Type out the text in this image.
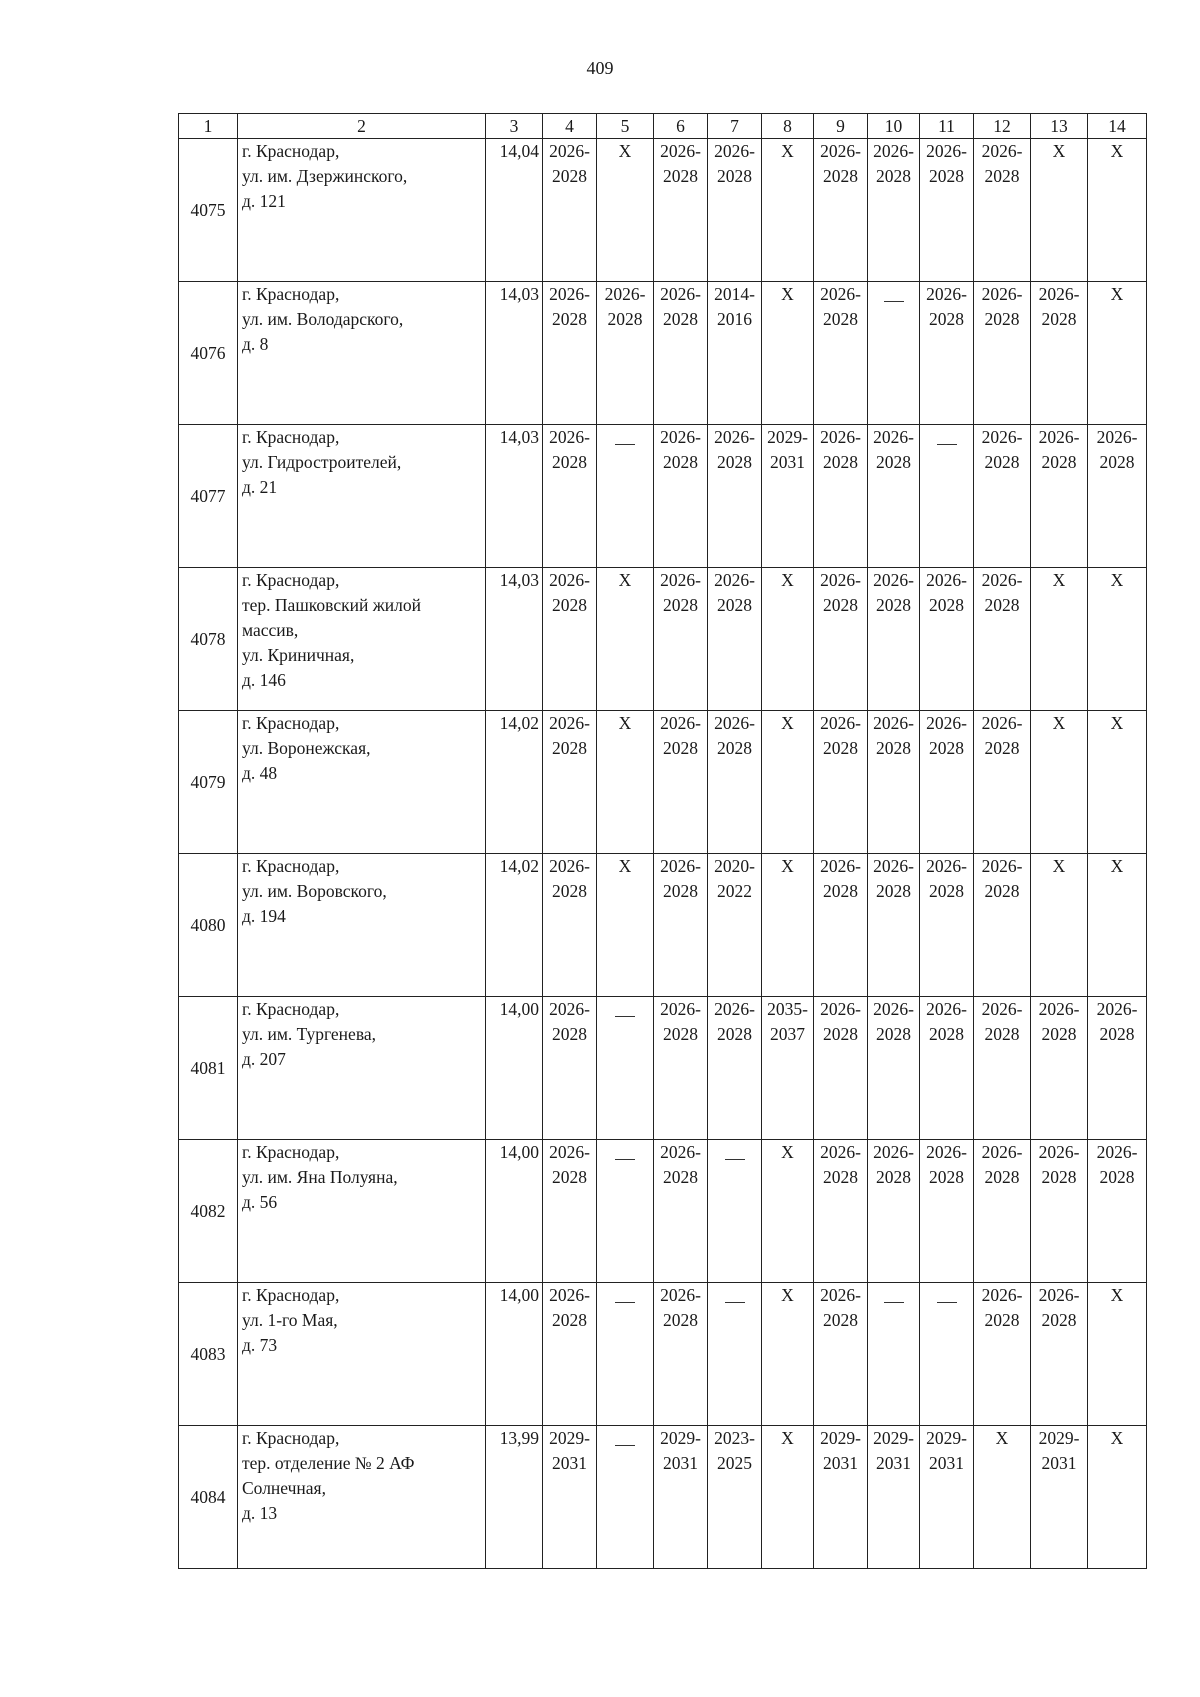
409
1	2	3	4	5	6	7	8	9	10	11	12	13	14
4075	г. Краснодар,
ул. им. Дзержинского,
д. 121	14,04	2026-
2028	X	2026-
2028	2026-
2028	X	2026-
2028	2026-
2028	2026-
2028	2026-
2028	X	X

4076	г. Краснодар,
ул. им. Володарского,
д. 8	14,03	2026-
2028	2026-
2028	2026-
2028	2014-
2016	X	2026-
2028		2026-
2028	2026-
2028	2026-
2028	X

4077	г. Краснодар,
ул. Гидростроителей,
д. 21	14,03	2026-
2028		2026-
2028	2026-
2028	2029-
2031	2026-
2028	2026-
2028		2026-
2028	2026-
2028	2026-
2028

4078	г. Краснодар,
тер. Пашковский жилой
массив,
ул. Криничная,
д. 146	14,03	2026-
2028	X	2026-
2028	2026-
2028	X	2026-
2028	2026-
2028	2026-
2028	2026-
2028	X	X

4079	г. Краснодар,
ул. Воронежская,
д. 48	14,02	2026-
2028	X	2026-
2028	2026-
2028	X	2026-
2028	2026-
2028	2026-
2028	2026-
2028	X	X

4080	г. Краснодар,
ул. им. Воровского,
д. 194	14,02	2026-
2028	X	2026-
2028	2020-
2022	X	2026-
2028	2026-
2028	2026-
2028	2026-
2028	X	X

4081	г. Краснодар,
ул. им. Тургенева,
д. 207	14,00	2026-
2028		2026-
2028	2026-
2028	2035-
2037	2026-
2028	2026-
2028	2026-
2028	2026-
2028	2026-
2028	2026-
2028

4082	г. Краснодар,
ул. им. Яна Полуяна,
д. 56	14,00	2026-
2028		2026-
2028		X	2026-
2028	2026-
2028	2026-
2028	2026-
2028	2026-
2028	2026-
2028

4083	г. Краснодар,
ул. 1-го Мая,
д. 73	14,00	2026-
2028		2026-
2028		X	2026-
2028			2026-
2028	2026-
2028	X

4084	г. Краснодар,
тер. отделение № 2 АФ
Солнечная,
д. 13	13,99	2029-
2031		2029-
2031	2023-
2025	X	2029-
2031	2029-
2031	2029-
2031	X	2029-
2031	X
